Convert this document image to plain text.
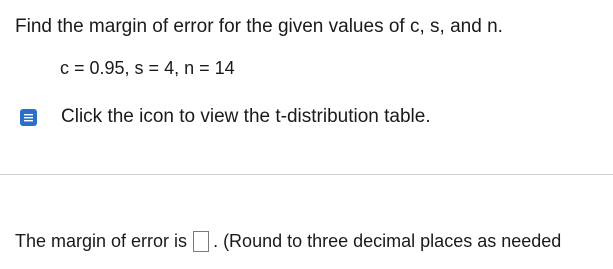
Find the margin of error for the given values of c, s, and n.
c = 0.95, s = 4, n = 14
Click the icon to view the t-distribution table.
The margin of error is . (Round to three decimal places as needed
